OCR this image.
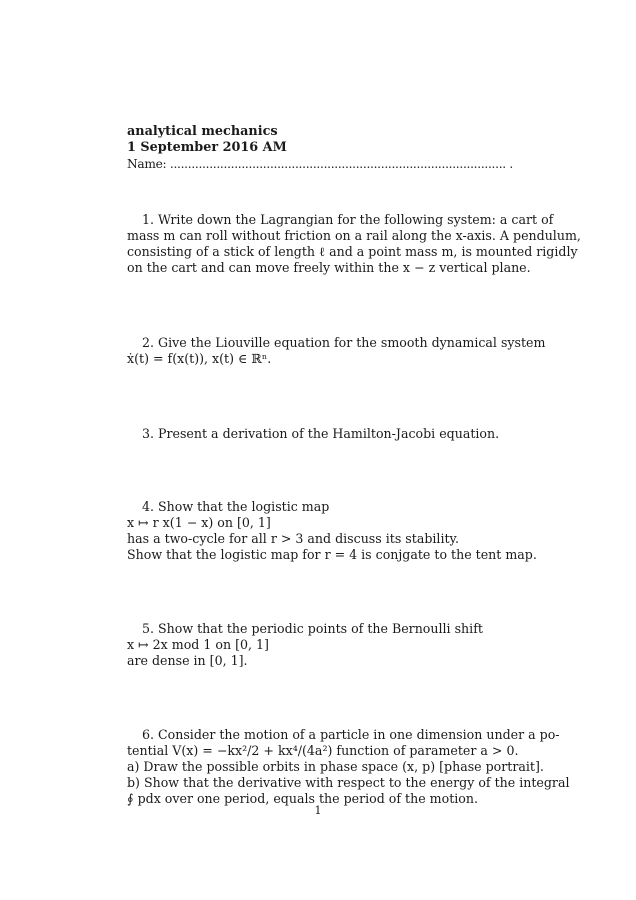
analytical mechanics
1 September 2016 AM
Name: .............................................................................................. .
1. Write down the Lagrangian for the following system: a cart of
mass m can roll without friction on a rail along the x-axis. A pendulum,
consisting of a stick of length ℓ and a point mass m, is mounted rigidly
on the cart and can move freely within the x − z vertical plane.
2. Give the Liouville equation for the smooth dynamical system
ẋ(t) = f(x(t)), x(t) ∈ ℝⁿ.
3. Present a derivation of the Hamilton-Jacobi equation.
4. Show that the logistic map
x ↦ r x(1 − x) on [0, 1]
has a two-cycle for all r > 3 and discuss its stability.
Show that the logistic map for r = 4 is conjgate to the tent map.
5. Show that the periodic points of the Bernoulli shift
x ↦ 2x mod 1 on [0, 1]
are dense in [0, 1].
6. Consider the motion of a particle in one dimension under a po-
tential V(x) = −kx²/2 + kx⁴/(4a²) function of parameter a > 0.
a) Draw the possible orbits in phase space (x, p) [phase portrait].
b) Show that the derivative with respect to the energy of the integral
∮ pdx over one period, equals the period of the motion.
1
